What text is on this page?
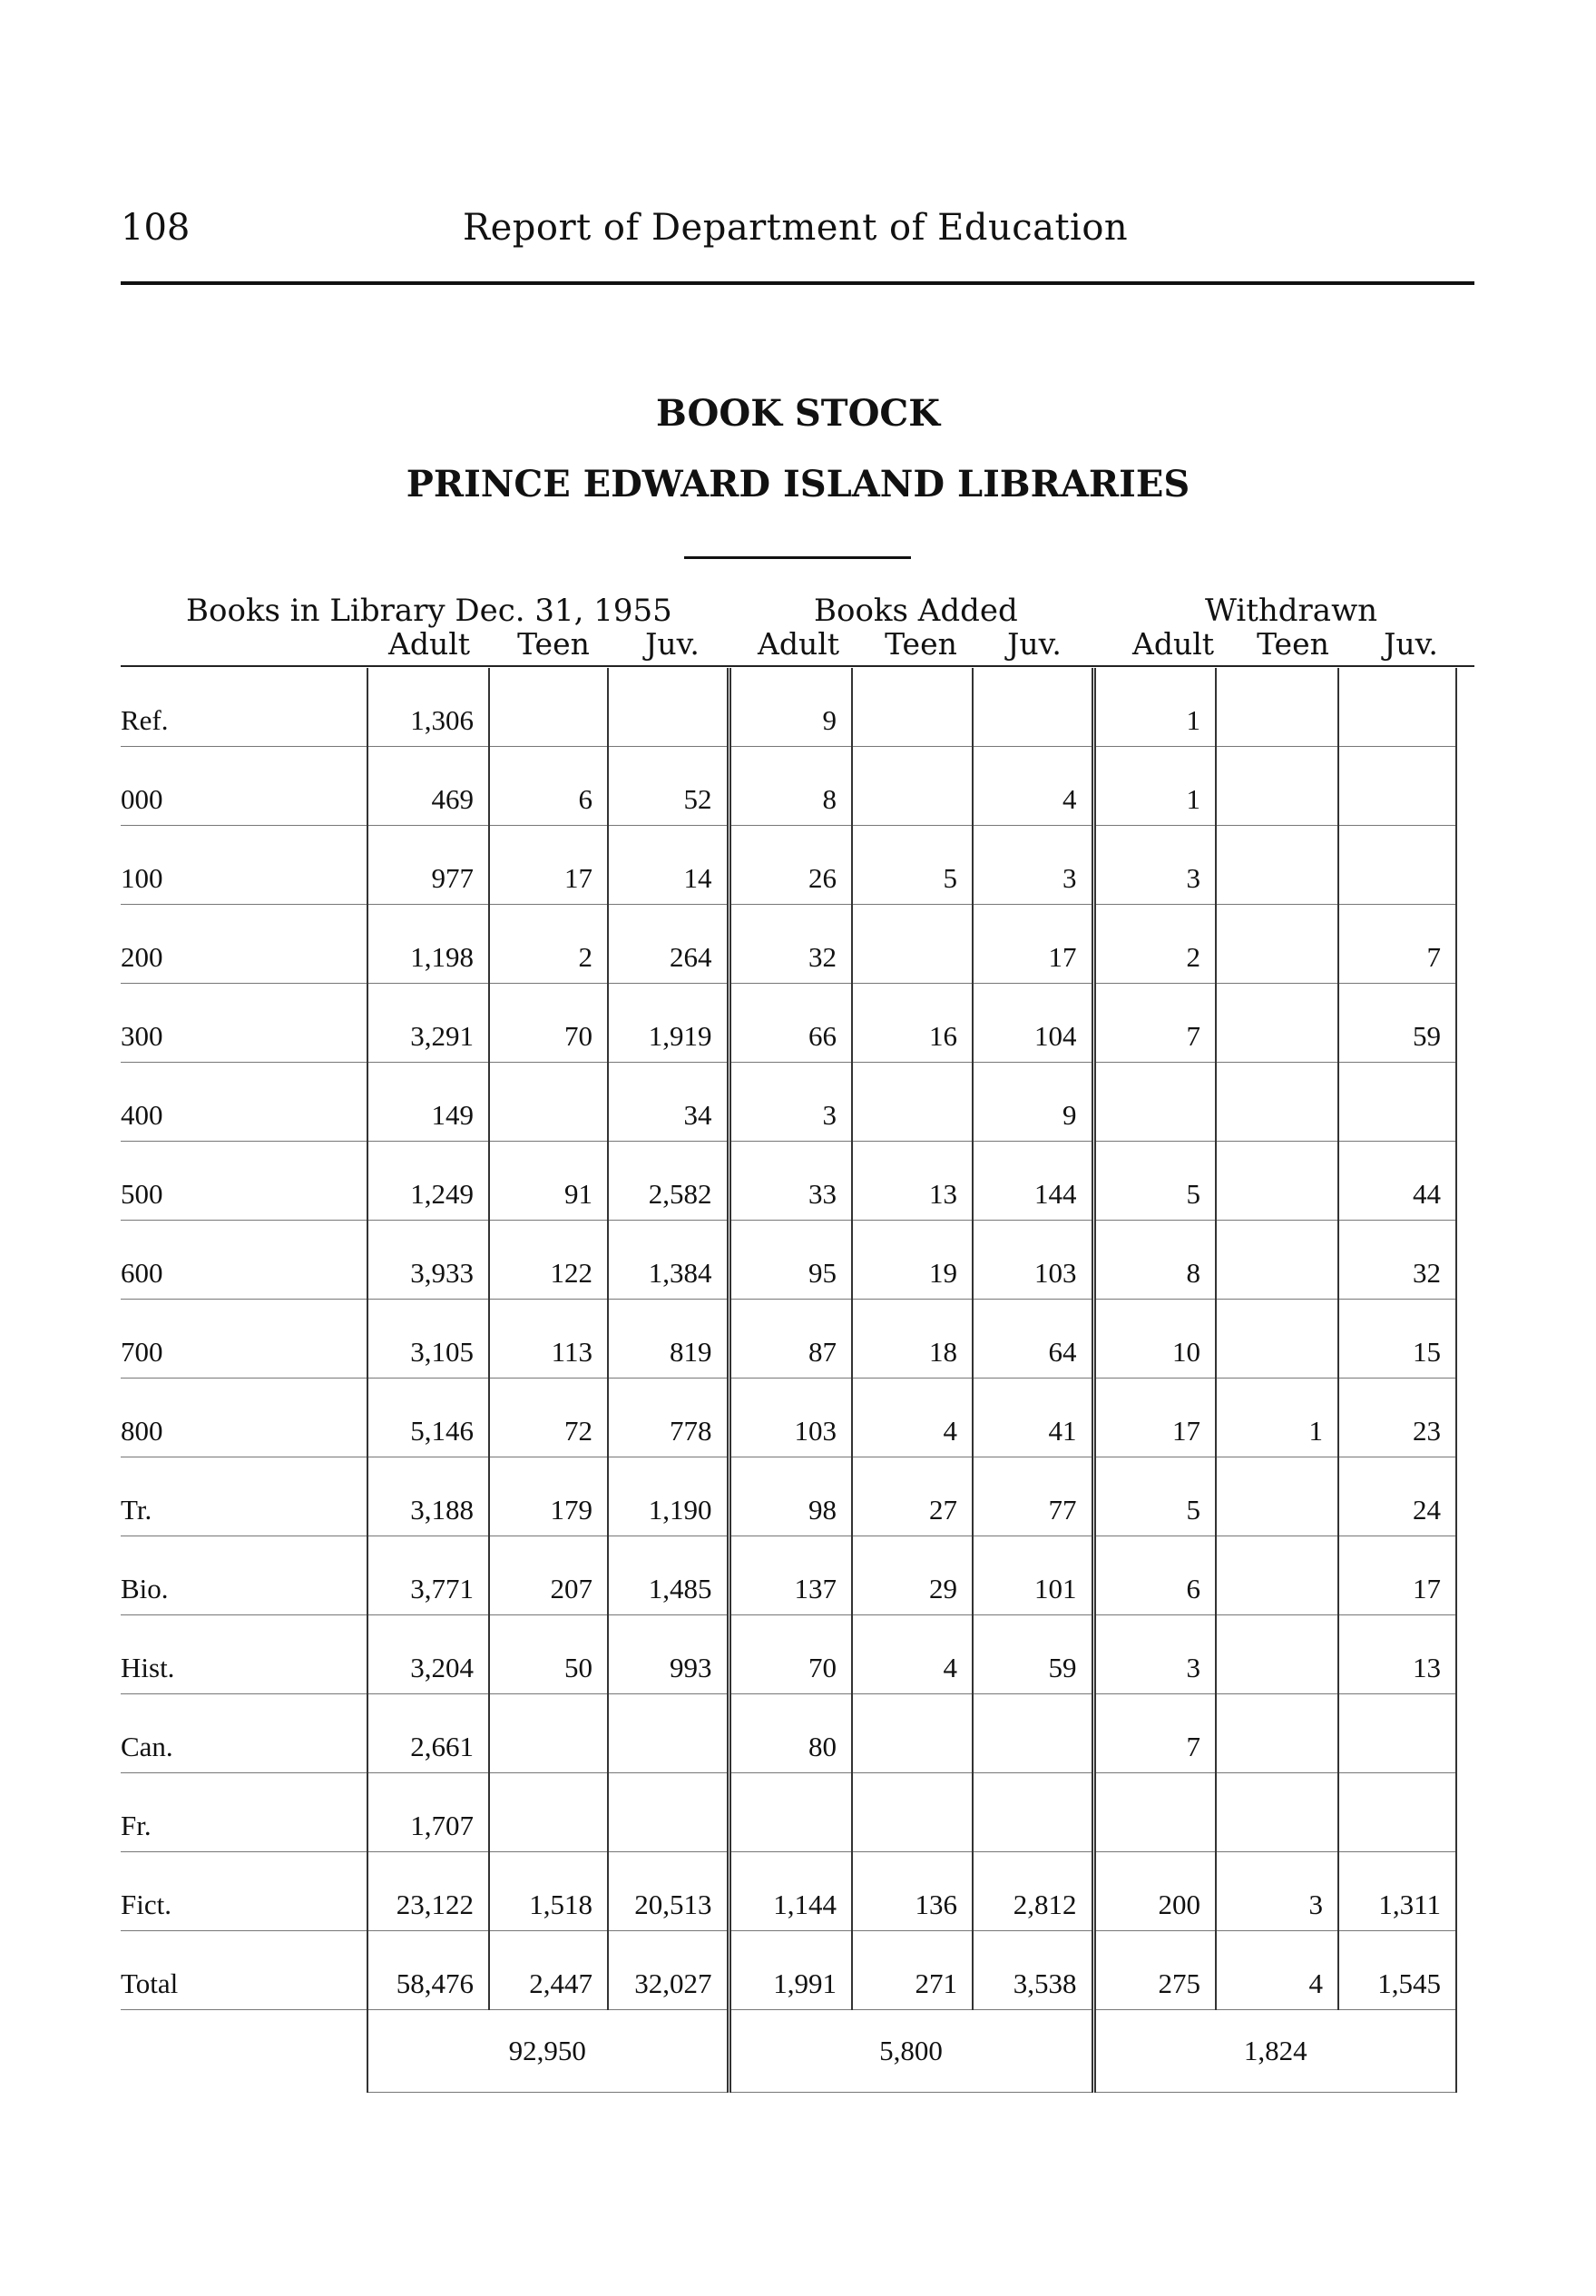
108	Report of Department of Education
BOOK STOCK
PRINCE EDWARD ISLAND LIBRARIES
Books in Library Dec. 31, 1955	Books Added	Withdrawn
Adult	Teen	Juv.	Adult	Teen	Juv.	Adult	Teen	Juv.
Ref.	1,306			9			1		
000	469	6	52	8		4	1		
100	977	17	14	26	5	3	3		
200	1,198	2	264	32		17	2		7
300	3,291	70	1,919	66	16	104	7		59
400	149		34	3		9			
500	1,249	91	2,582	33	13	144	5		44
600	3,933	122	1,384	95	19	103	8		32
700	3,105	113	819	87	18	64	10		15
800	5,146	72	778	103	4	41	17	1	23
Tr.	3,188	179	1,190	98	27	77	5		24
Bio.	3,771	207	1,485	137	29	101	6		17
Hist.	3,204	50	993	70	4	59	3		13
Can.	2,661			80			7		
Fr.	1,707								
Fict.	23,122	1,518	20,513	1,144	136	2,812	200	3	1,311
Total	58,476	2,447	32,027	1,991	271	3,538	275	4	1,545
	92,950			5,800			1,824		
